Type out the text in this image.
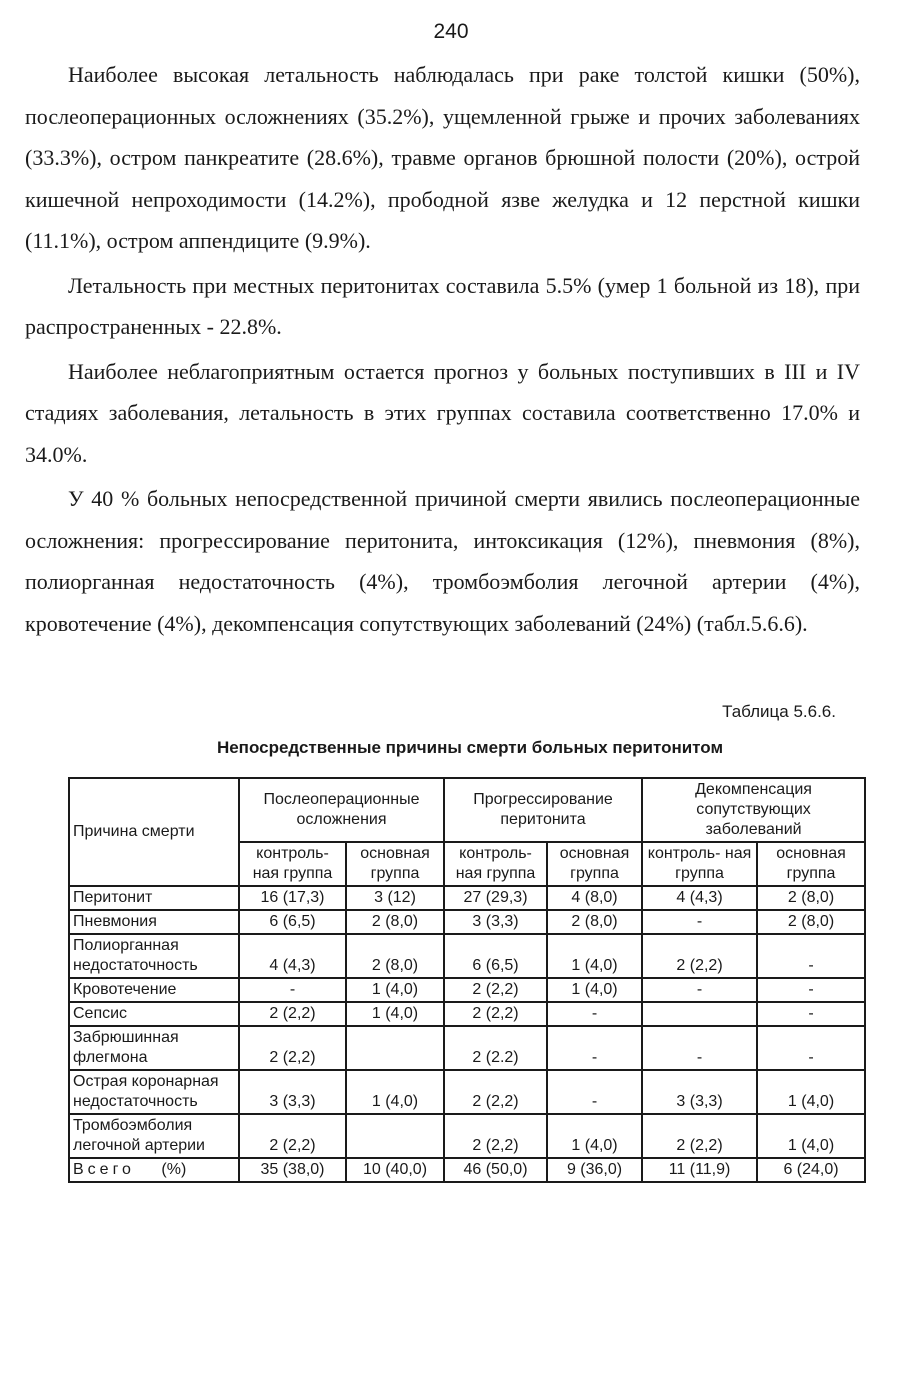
240

Наиболее высокая летальность наблюдалась при раке толстой кишки (50%), послеоперационных осложнениях (35.2%), ущемленной грыже и прочих заболеваниях (33.3%), остром панкреатите (28.6%), травме органов брюшной полости (20%), острой кишечной непроходимости (14.2%), прободной язве желудка и 12 перстной кишки (11.1%), остром аппендиците (9.9%).

Летальность при местных перитонитах составила 5.5% (умер 1 больной из 18), при распространенных - 22.8%.

Наиболее неблагоприятным остается прогноз у больных поступивших в III и IV стадиях заболевания, летальность в этих группах составила соответственно 17.0% и 34.0%.

У 40 % больных непосредственной причиной смерти явились послеоперационные осложнения: прогрессирование перитонита, интоксикация (12%), пневмония (8%), полиорганная недостаточность (4%), тромбоэмболия легочной артерии (4%), кровотечение (4%), декомпенсация сопутствующих заболеваний (24%) (табл.5.6.6).

Таблица 5.6.6.
Непосредственные причины смерти больных перитонитом
Причина смерти	Послеоперационные осложнения		Прогрессирование перитонита		Декомпенсация сопутствующих заболеваний	
	контроль-ная группа	основная группа	контроль-ная группа	основная группа	контроль- ная группа	основная группа
Перитонит	16 (17,3)	3 (12)	27 (29,3)	4 (8,0)	4 (4,3)	2 (8,0)
Пневмония	6 (6,5)	2 (8,0)	3 (3,3)	2 (8,0)	-	2 (8,0)
Полиорганная недостаточность	4 (4,3)	2 (8,0)	6 (6,5)	1 (4,0)	2 (2,2)	-
Кровотечение	-	1 (4,0)	2 (2,2)	1 (4,0)	-	-
Сепсис	2 (2,2)	1 (4,0)	2 (2,2)	-		-
Забрюшинная флегмона	2 (2,2)		2 (2.2)	-	-	-
Острая коронарная недостаточность	3 (3,3)	1 (4,0)	2 (2,2)	-	3 (3,3)	1 (4,0)
Тромбоэмболия легочной артерии	2 (2,2)		2 (2,2)	1 (4,0)	2 (2,2)	1 (4,0)
Всего (%)	35 (38,0)	10 (40,0)	46 (50,0)	9 (36,0)	11 (11,9)	6 (24,0)
